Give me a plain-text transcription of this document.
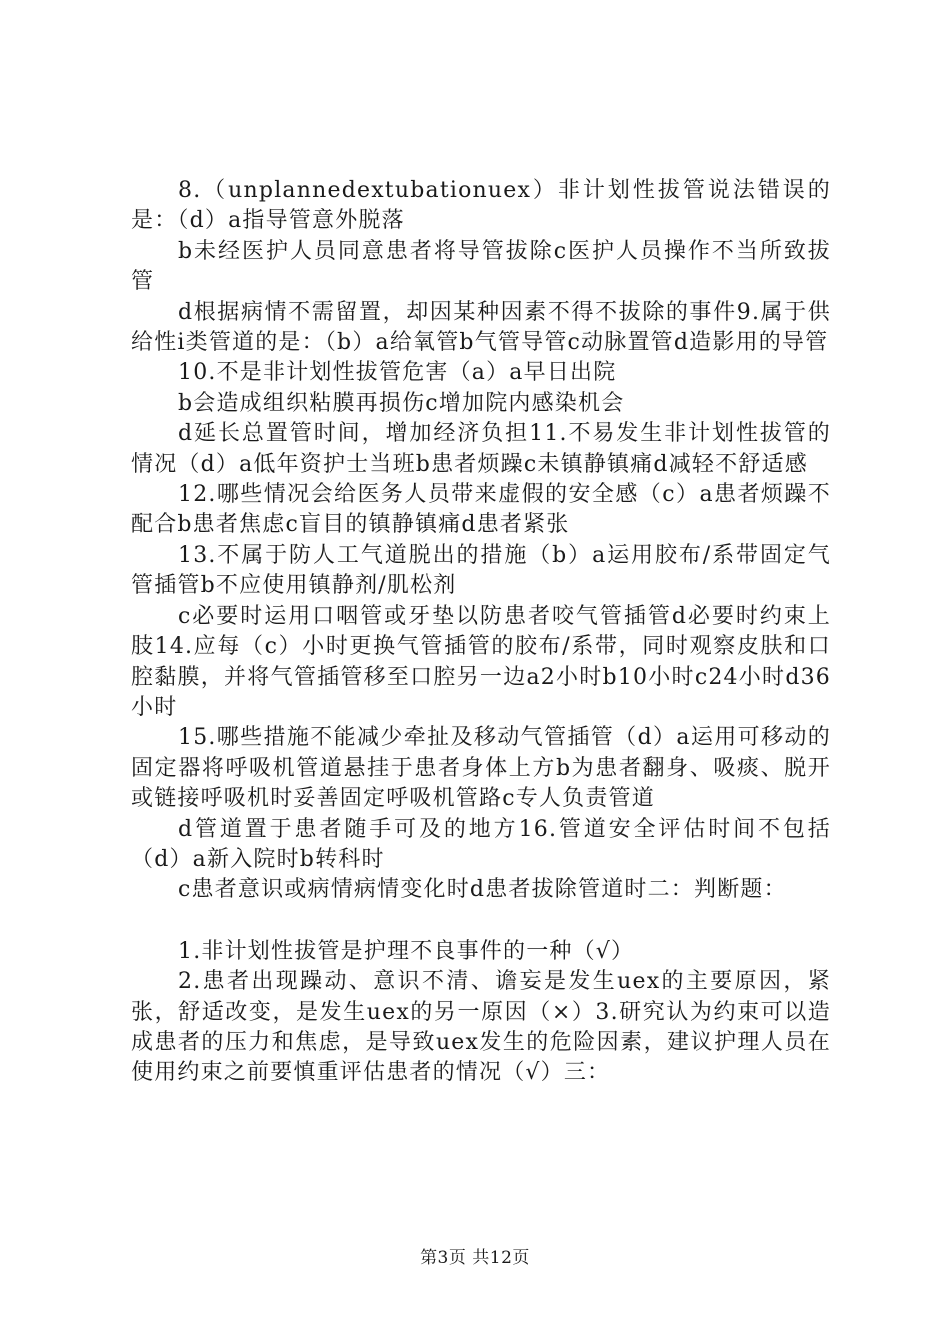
8.（unplannedextubationuex）非计划性拔管说法错误的是：（d）a指导管意外脱落

b未经医护人员同意患者将导管拔除c医护人员操作不当所致拔管

d根据病情不需留置，却因某种因素不得不拔除的事件9.属于供给性i类管道的是：（b）a给氧管b气管导管c动脉置管d造影用的导管

10.不是非计划性拔管危害（a）a早日出院

b会造成组织粘膜再损伤c增加院内感染机会

d延长总置管时间，增加经济负担11.不易发生非计划性拔管的情况（d）a低年资护士当班b患者烦躁c未镇静镇痛d减轻不舒适感

12.哪些情况会给医务人员带来虚假的安全感（c）a患者烦躁不配合b患者焦虑c盲目的镇静镇痛d患者紧张

13.不属于防人工气道脱出的措施（b）a运用胶布/系带固定气管插管b不应使用镇静剂/肌松剂

c必要时运用口咽管或牙垫以防患者咬气管插管d必要时约束上肢14.应每（c）小时更换气管插管的胶布/系带，同时观察皮肤和口腔黏膜，并将气管插管移至口腔另一边a2小时b10小时c24小时d36小时

15.哪些措施不能减少牵扯及移动气管插管（d）a运用可移动的固定器将呼吸机管道悬挂于患者身体上方b为患者翻身、吸痰、脱开或链接呼吸机时妥善固定呼吸机管路c专人负责管道

d管道置于患者随手可及的地方16.管道安全评估时间不包括（d）a新入院时b转科时

c患者意识或病情病情变化时d患者拔除管道时二：判断题：

1.非计划性拔管是护理不良事件的一种（√）

2.患者出现躁动、意识不清、谵妄是发生uex的主要原因，紧张，舒适改变，是发生uex的另一原因（×）3.研究认为约束可以造成患者的压力和焦虑，是导致uex发生的危险因素，建议护理人员在使用约束之前要慎重评估患者的情况（√）三：

第3页 共12页
